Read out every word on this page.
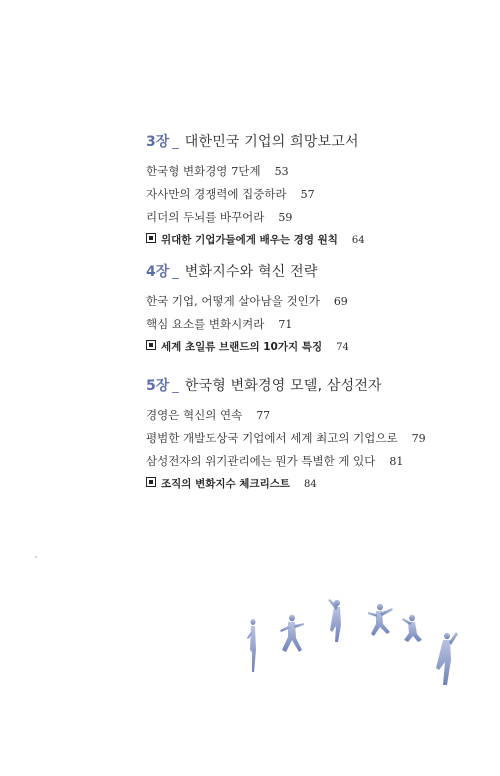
3장 _ 대한민국 기업의 희망보고서
한국형 변화경영 7단계 53
자사만의 경쟁력에 집중하라 57
리더의 두뇌를 바꾸어라 59
위대한 기업가들에게 배우는 경영 원칙 64
4장 _ 변화지수와 혁신 전략
한국 기업, 어떻게 살아남을 것인가 69
핵심 요소를 변화시켜라 71
세계 초일류 브랜드의 10가지 특징 74
5장 _ 한국형 변화경영 모델, 삼성전자
경영은 혁신의 연속 77
평범한 개발도상국 기업에서 세계 최고의 기업으로 79
삼성전자의 위기관리에는 뭔가 특별한 게 있다 81
조직의 변화지수 체크리스트 84
